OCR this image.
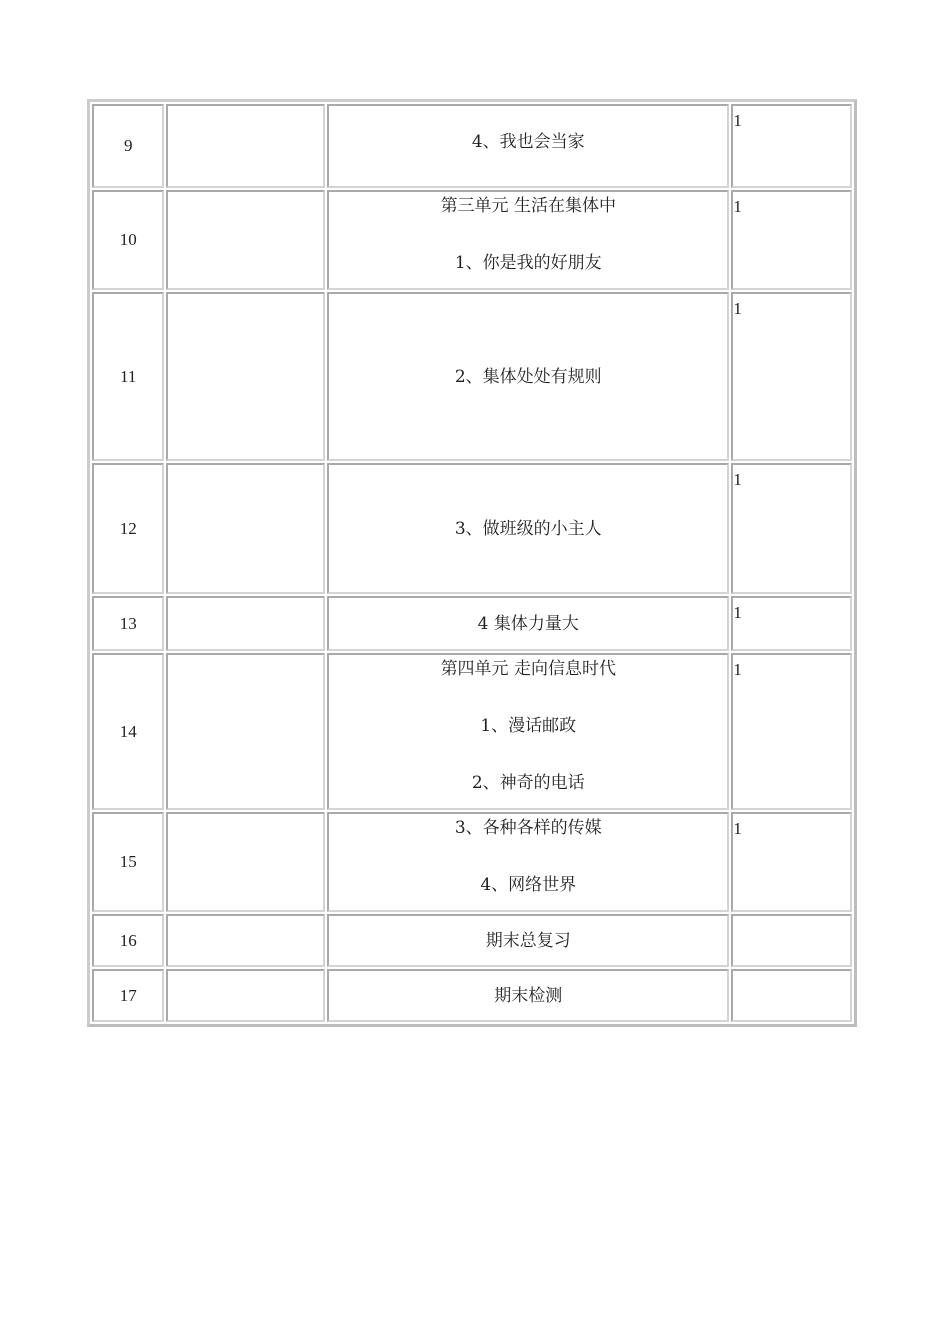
9		4、我也会当家	1

10		第三单元 生活在集体中
1、你是我的好朋友	1

11		2、集体处处有规则	1

12		3、做班级的小主人	1

13		4 集体力量大	1

14		第四单元 走向信息时代
1、漫话邮政
2、神奇的电话	1

15		3、各种各样的传媒
4、网络世界	1

16		期末总复习	

17		期末检测	
